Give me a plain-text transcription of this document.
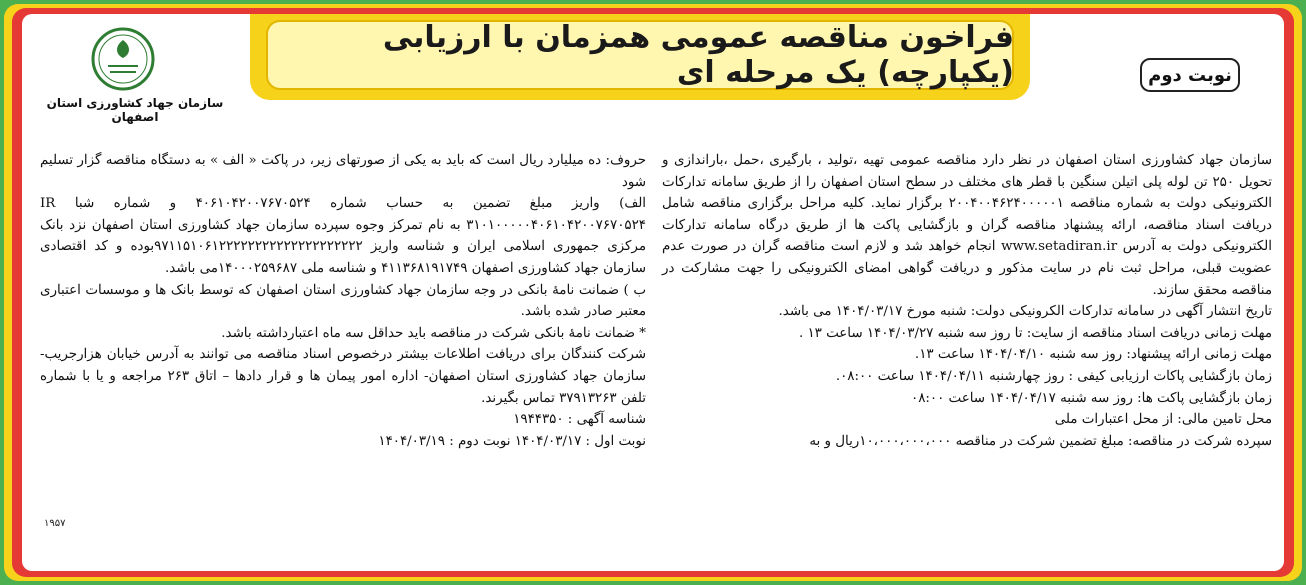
فراخون مناقصه عمومی همزمان با ارزیابی (یکپارچه) یک مرحله ای	نوبت دوم
سازمان جهاد کشاورزی استان اصفهان

سازمان جهاد کشاورزی استان اصفهان در نظر دارد مناقصه عمومی تهیه ،تولید ، بارگیری ،حمل ،باراندازی و تحویل ۲۵۰ تن لوله پلی اتیلن سنگین با قطر های مختلف در سطح استان اصفهان را از طریق سامانه تدارکات الکترونیکی دولت به شماره مناقصه ۲۰۰۴۰۰۴۶۲۴۰۰۰۰۰۱ برگزار نماید. کلیه مراحل برگزاری مناقصه شامل دریافت اسناد مناقصه، ارائه پیشنهاد مناقصه گران و بازگشایی پاکت ها از طریق درگاه سامانه تدارکات الکترونیکی دولت به آدرس www.setadiran.ir انجام خواهد شد و لازم است مناقصه گران در صورت عدم عضویت قبلی، مراحل ثبت نام در سایت مذکور و دریافت گواهی امضای الکترونیکی را جهت مشارکت در مناقصه محقق سازند.

تاریخ انتشار آگهی در سامانه تدارکات الکرونیکی دولت: شنبه مورخ ۱۴۰۴/۰۳/۱۷ می باشد.

مهلت زمانی دریافت اسناد مناقصه از سایت: تا روز سه شنبه ۱۴۰۴/۰۳/۲۷ ساعت ۱۳ .

مهلت زمانی ارائه پیشنهاد: روز سه شنبه ۱۴۰۴/۰۴/۱۰ ساعت ۱۳.

زمان بازگشایی پاکات ارزیابی کیفی : روز چهارشنبه ۱۴۰۴/۰۴/۱۱ ساعت ۰۸:۰۰.

زمان بازگشایی پاکت ها: روز سه شنبه ۱۴۰۴/۰۴/۱۷ ساعت ۰۸:۰۰

محل تامین مالی: از محل اعتبارات ملی

سپرده شرکت در مناقصه: مبلغ تضمین شرکت در مناقصه ۱۰،۰۰۰،۰۰۰،۰۰۰ریال و به

حروف: ده میلیارد ریال است که باید به یکی از صورتهای زیر، در پاکت « الف » به دستگاه مناقصه گزار تسلیم شود

الف) واریز مبلغ تضمین به حساب شماره ۴۰۶۱۰۴۲۰۰۷۶۷۰۵۲۴ و شماره شبا IR ۳۱۰۱۰۰۰۰۰۴۰۶۱۰۴۲۰۰۷۶۷۰۵۲۴ به نام تمرکز وجوه سپرده سازمان جهاد کشاورزی استان اصفهان نزد بانک مرکزی جمهوری اسلامی ایران و شناسه واریز ۹۷۱۱۵۱۰۶۱۲۲۲۲۲۲۲۲۲۲۲۲۲۲۲۲۲۲۲۲بوده و کد اقتصادی سازمان جهاد کشاورزی اصفهان ۴۱۱۳۶۸۱۹۱۷۴۹ و شناسه ملی ۱۴۰۰۰۲۵۹۶۸۷می باشد.

ب ) ضمانت نامهٔ بانکی در وجه سازمان جهاد کشاورزی استان اصفهان که توسط بانک ها و موسسات اعتباری معتبر صادر شده باشد.

* ضمانت نامهٔ بانکی شرکت در مناقصه باید حداقل سه ماه اعتبارداشته باشد.

شرکت کنندگان برای دریافت اطلاعات بیشتر درخصوص اسناد مناقصه می توانند به آدرس خیابان هزارجریب- سازمان جهاد کشاورزی استان اصفهان- اداره امور پیمان ها و قرار دادها – اتاق ۲۶۳ مراجعه و یا با شماره تلفن ۳۷۹۱۳۲۶۳ تماس بگیرند.

شناسه آگهی : ۱۹۴۴۳۵۰

نوبت اول : ۱۴۰۴/۰۳/۱۷ نوبت دوم : ۱۴۰۴/۰۳/۱۹

۱۹۵۷
